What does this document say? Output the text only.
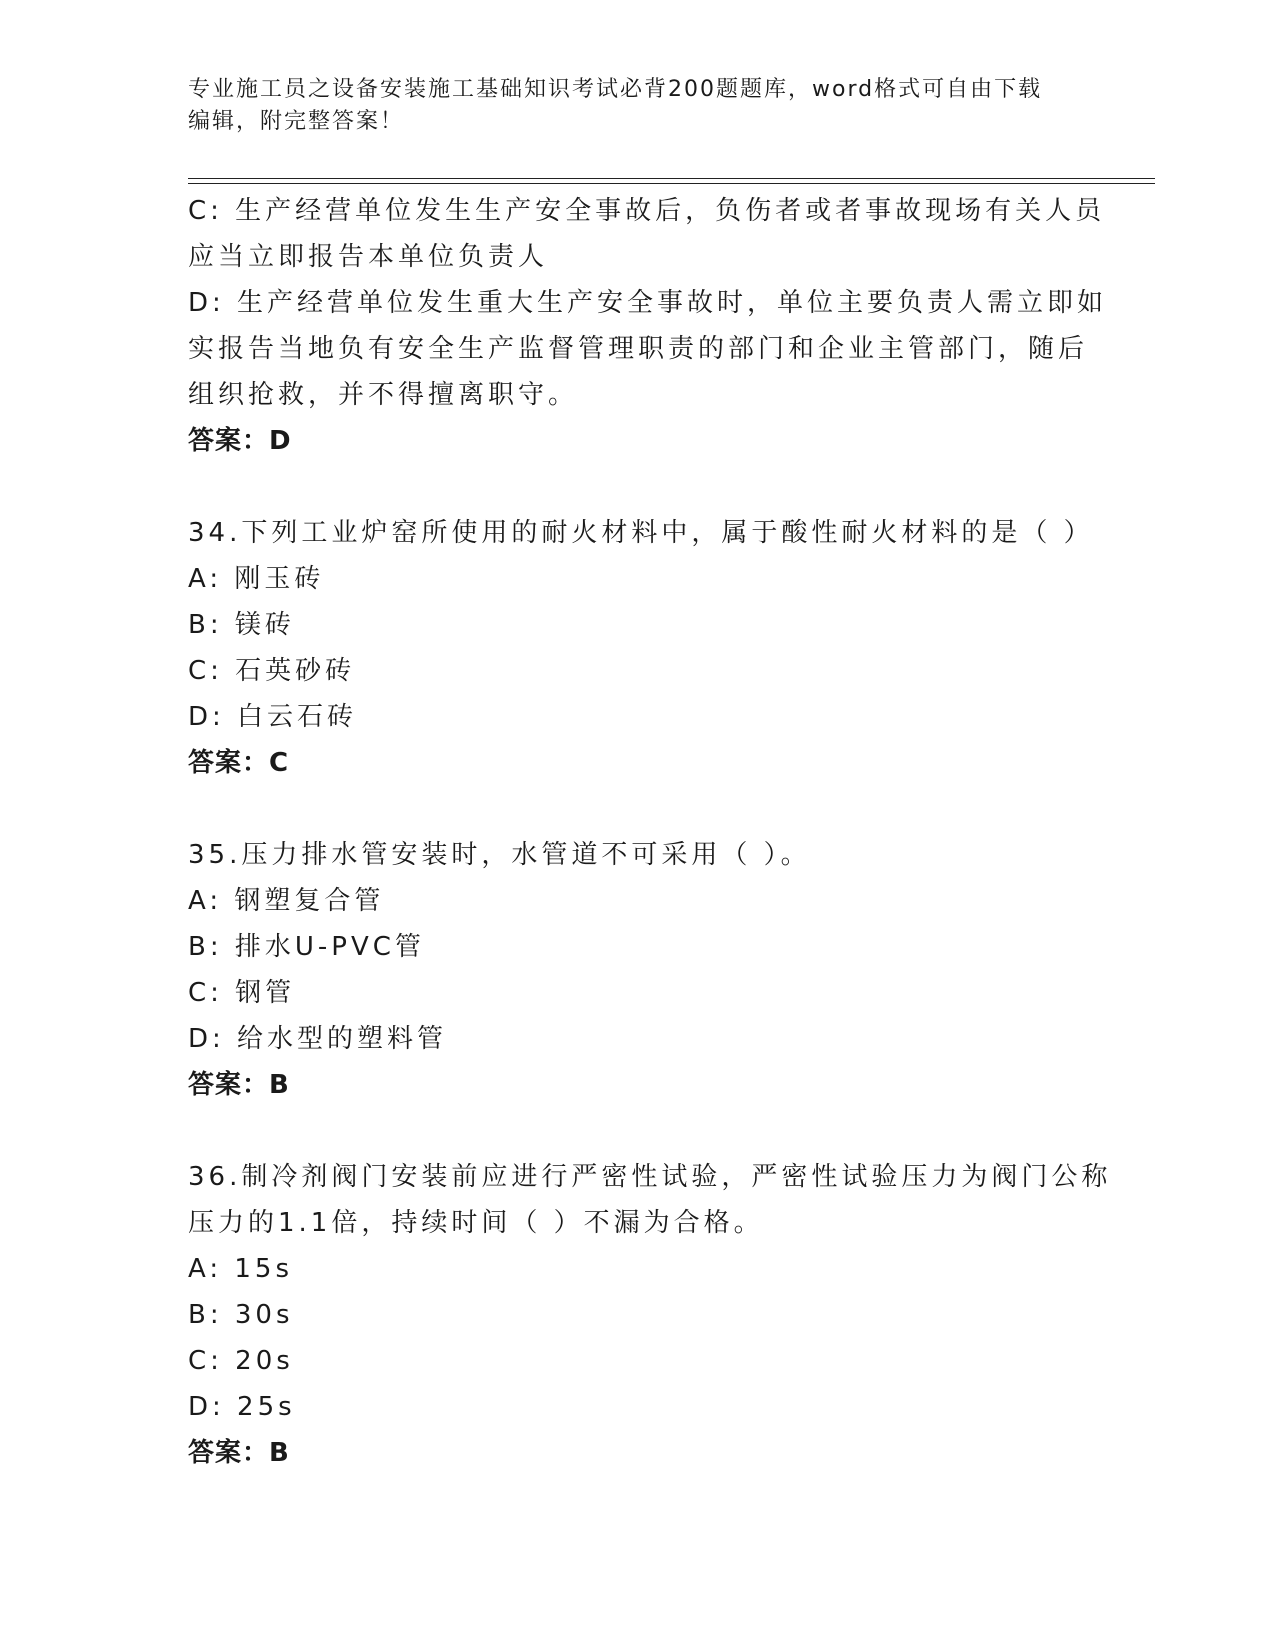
专业施工员之设备安装施工基础知识考试必背200题题库，word格式可自由下载
编辑，附完整答案！
C: 生产经营单位发生生产安全事故后，负伤者或者事故现场有关人员
应当立即报告本单位负责人
D: 生产经营单位发生重大生产安全事故时，单位主要负责人需立即如
实报告当地负有安全生产监督管理职责的部门和企业主管部门，随后
组织抢救，并不得擅离职守。
答案：D
34.下列工业炉窑所使用的耐火材料中，属于酸性耐火材料的是（ ）
A: 刚玉砖
B: 镁砖
C: 石英砂砖
D: 白云石砖
答案：C
35.压力排水管安装时，水管道不可采用（ ）。
A: 钢塑复合管
B: 排水U-PVC管
C: 钢管
D: 给水型的塑料管
答案：B
36.制冷剂阀门安装前应进行严密性试验，严密性试验压力为阀门公称
压力的1.1倍，持续时间（ ）不漏为合格。
A: 15s
B: 30s
C: 20s
D: 25s
答案：B
